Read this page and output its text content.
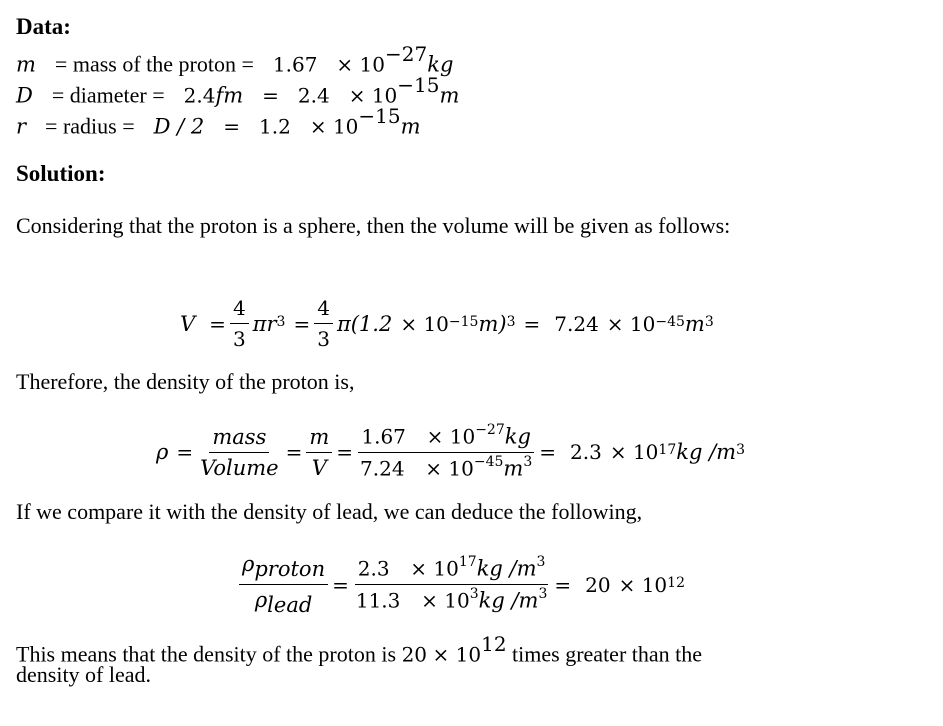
Data:
m = mass of the proton = $1.67 \times 10^{-27}kg$
D = diameter = $2.4fm = 2.4 \times 10^{-15}m$
r = radius = $D / 2 = 1.2 \times 10^{-15}m$
Solution:
Considering that the proton is a sphere, then the volume will be given as follows:
$V = \frac{4}{3} \pi r^3 = \frac{4}{3} \pi(1.2 \times 10^{-15}$ $m)^3 = 7.24 \times 10^{-45}$ $m^3$
Therefore, the density of the proton is,
$\rho = \frac{\text{mass}}{\text{Volume}} = \frac{m}{V} = \frac{1.67 \times 10^{-27}kg}{7.24 \times 10^{-45}m^3} = 2.3 \times 10^{17}$ kg $/m^3$
If we compare it with the density of lead, we can deduce the following,
$\frac{\rho_{proton}}{\rho_{lead}} = \frac{2.3 \times 10^{17}kg /m^3}{11.3 \times 10^3kg /m^3} = 20 \times 10^{12}$
This means that the density of the proton is $20 \times 10^{12}$ times greater than the
density of lead.
